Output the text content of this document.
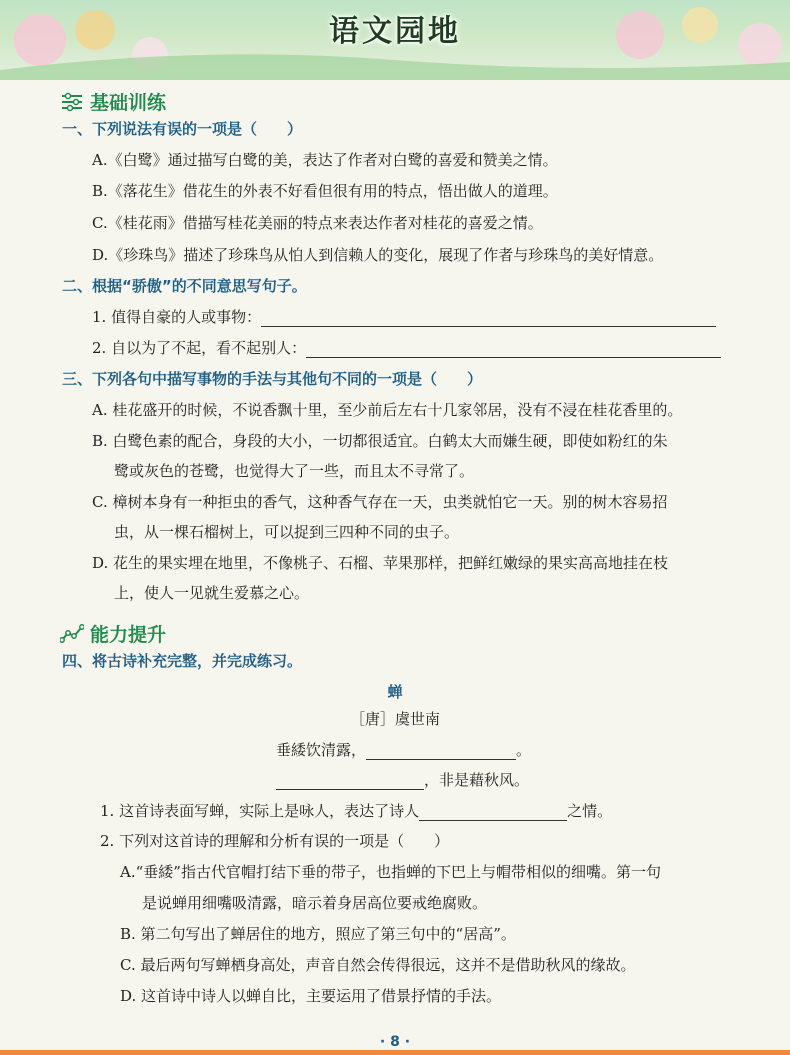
语文园地
基础训练
一、下列说法有误的一项是（　　）
A.《白鹭》通过描写白鹭的美，表达了作者对白鹭的喜爱和赞美之情。
B.《落花生》借花生的外表不好看但很有用的特点，悟出做人的道理。
C.《桂花雨》借描写桂花美丽的特点来表达作者对桂花的喜爱之情。
D.《珍珠鸟》描述了珍珠鸟从怕人到信赖人的变化，展现了作者与珍珠鸟的美好情意。
二、根据“骄傲”的不同意思写句子。
1. 值得自豪的人或事物：
2. 自以为了不起，看不起别人：
三、下列各句中描写事物的手法与其他句不同的一项是（　　）
A. 桂花盛开的时候，不说香飘十里，至少前后左右十几家邻居，没有不浸在桂花香里的。
B. 白鹭色素的配合，身段的大小，一切都很适宜。白鹤太大而嫌生硬，即使如粉红的朱
鹭或灰色的苍鹭，也觉得大了一些，而且太不寻常了。
C. 樟树本身有一种拒虫的香气，这种香气存在一天，虫类就怕它一天。别的树木容易招
虫，从一棵石榴树上，可以捉到三四种不同的虫子。
D. 花生的果实埋在地里，不像桃子、石榴、苹果那样，把鲜红嫩绿的果实高高地挂在枝
上，使人一见就生爱慕之心。
能力提升
四、将古诗补充完整，并完成练习。
蝉
［唐］虞世南
垂緌饮清露，	。
，非是藉秋风。
1. 这首诗表面写蝉，实际上是咏人，表达了诗人	之情。
2. 下列对这首诗的理解和分析有误的一项是（　　）
A.“垂緌”指古代官帽打结下垂的带子，也指蝉的下巴上与帽带相似的细嘴。第一句
是说蝉用细嘴吸清露，暗示着身居高位要戒绝腐败。
B. 第二句写出了蝉居住的地方，照应了第三句中的“居高”。
C. 最后两句写蝉栖身高处，声音自然会传得很远，这并不是借助秋风的缘故。
D. 这首诗中诗人以蝉自比，主要运用了借景抒情的手法。
· 8 ·
